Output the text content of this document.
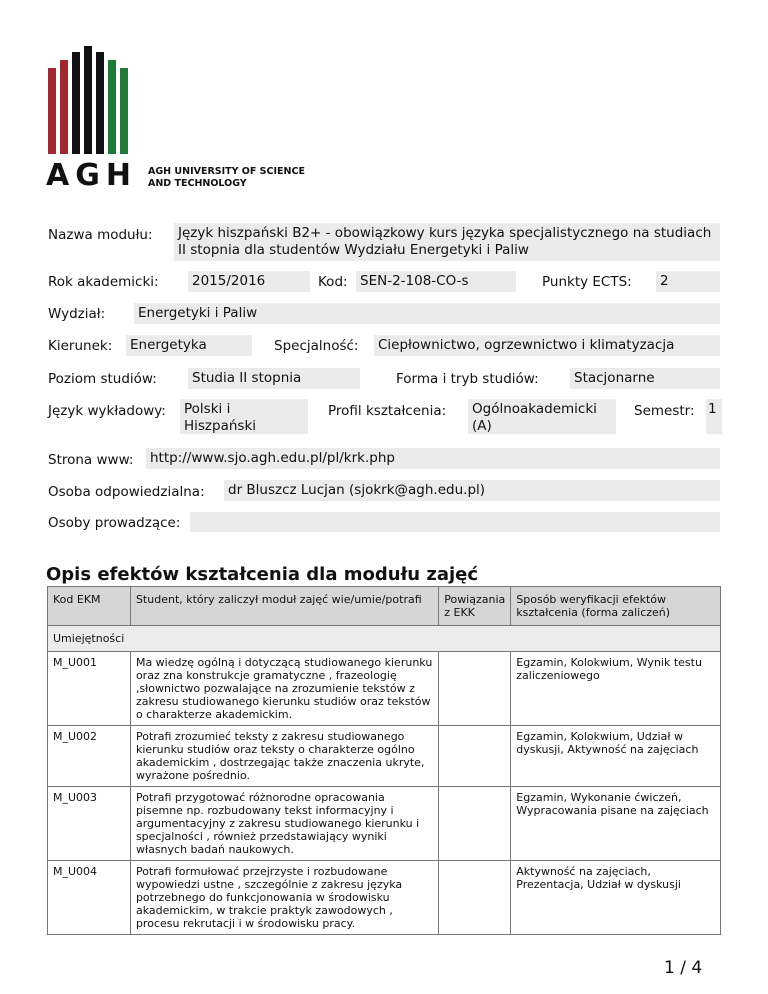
AGH AGH UNIVERSITY OF SCIENCE
AND TECHNOLOGY
Nazwa modułu: Język hiszpański B2+ - obowiązkowy kurs języka specjalistycznego na studiach II stopnia dla studentów Wydziału Energetyki i Paliw
Rok akademicki: 2015/2016	Kod: SEN-2-108-CO-s	Punkty ECTS: 2
Wydział: Energetyki i Paliw
Kierunek: Energetyka	Specjalność: Ciepłownictwo, ogrzewnictwo i klimatyzacja
Poziom studiów:	Studia II stopnia	Forma i tryb studiów:	Stacjonarne
Język wykładowy: Polski i
Hiszpański
Profil kształcenia: Ogólnoakademicki
(A)
Semestr: 1
Strona www: http://www.sjo.agh.edu.pl/pl/krk.php
Osoba odpowiedzialna: dr Bluszcz Lucjan (sjokrk@agh.edu.pl)
Osoby prowadzące:
Opis efektów kształcenia dla modułu zajęć
Kod EKM	Student, który zaliczył moduł zajęć wie/umie/potrafi	Powiązania z EKK	Sposób weryfikacji efektów kształcenia (forma zaliczeń)
Umiejętności			
M_U001	Ma wiedzę ogólną i dotyczącą studiowanego kierunku oraz zna konstrukcje gramatyczne , frazeologię ,słownictwo pozwalające na zrozumienie tekstów z zakresu studiowanego kierunku studiów oraz tekstów o charakterze akademickim.		Egzamin, Kolokwium, Wynik testu zaliczeniowego
M_U002	Potrafi zrozumieć teksty z zakresu studiowanego kierunku studiów oraz teksty o charakterze ogólno akademickim , dostrzegając także znaczenia ukryte, wyrażone pośrednio.		Egzamin, Kolokwium, Udział w dyskusji, Aktywność na zajęciach
M_U003	Potrafi przygotować różnorodne opracowania pisemne np. rozbudowany tekst informacyjny i argumentacyjny z zakresu studiowanego kierunku i specjalności , również przedstawiający wyniki własnych badań naukowych.		Egzamin, Wykonanie ćwiczeń, Wypracowania pisane na zajęciach
M_U004	Potrafi formułować przejrzyste i rozbudowane wypowiedzi ustne , szczególnie z zakresu języka potrzebnego do funkcjonowania w środowisku akademickim, w trakcie praktyk zawodowych , procesu rekrutacji i w środowisku pracy.		Aktywność na zajęciach, Prezentacja, Udział w dyskusji
1 / 4
